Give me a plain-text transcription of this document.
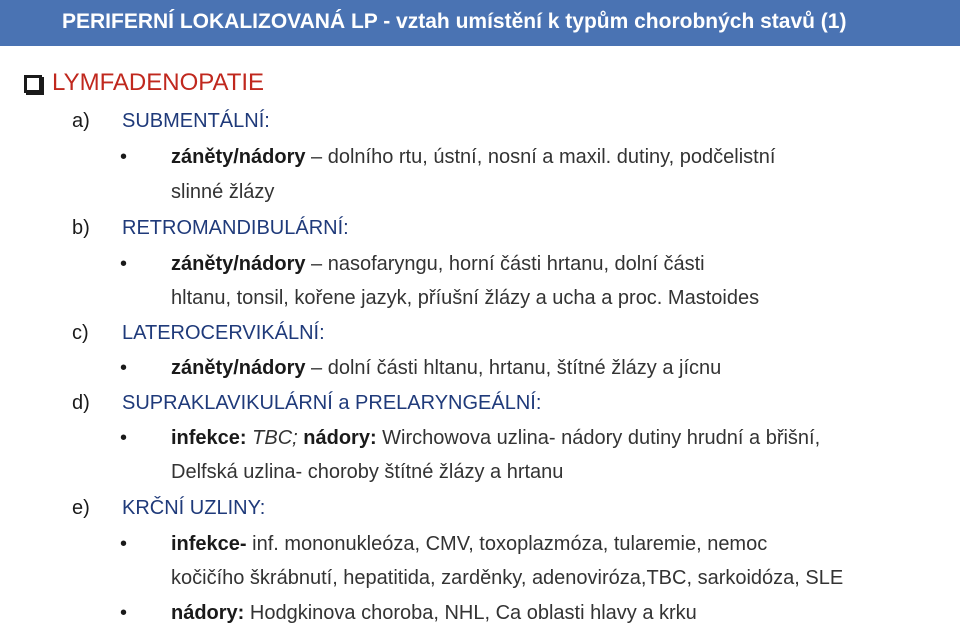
PERIFERNÍ LOKALIZOVANÁ LP - vztah umístění k typům chorobných stavů (1)
LYMFADENOPATIE
a) SUBMENTÁLNÍ:
• záněty/nádory – dolního rtu, ústní, nosní a maxil. dutiny, podčelistní
slinné žlázy
b) RETROMANDIBULÁRNÍ:
• záněty/nádory – nasofaryngu, horní části hrtanu, dolní části
hltanu, tonsil, kořene jazyk, příušní žlázy a ucha a proc. Mastoides
c) LATEROCERVIKÁLNÍ:
• záněty/nádory – dolní části hltanu, hrtanu, štítné žlázy a jícnu
d) SUPRAKLAVIKULÁRNÍ a PRELARYNGEÁLNÍ:
• infekce: TBC; nádory: Wirchowova uzlina- nádory dutiny hrudní a břišní,
Delfská uzlina- choroby štítné žlázy a hrtanu
e) KRČNÍ UZLINY:
• infekce- inf. mononukleóza, CMV, toxoplazmóza, tularemie, nemoc
kočičího škrábnutí, hepatitida, zarděnky, adenoviróza,TBC, sarkoidóza, SLE
• nádory: Hodgkinova choroba, NHL, Ca oblasti hlavy a krku
